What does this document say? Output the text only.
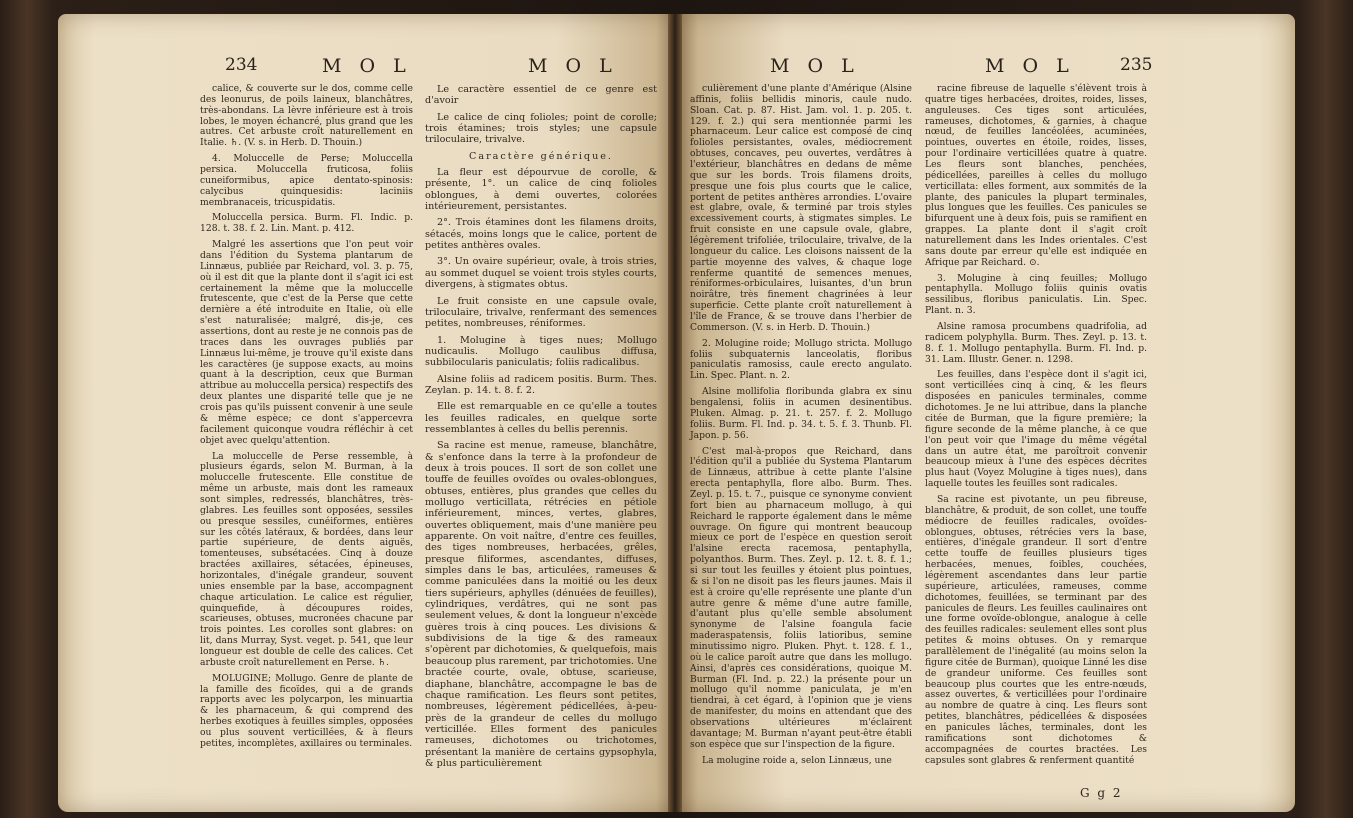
234	M O L	M O L

calice, & couverte sur le dos, comme celle des leonurus, de poils laineux, blanchâtres, très-abondans. La lèvre inférieure est à trois lobes, le moyen échancré, plus grand que les autres. Cet arbuste croît naturellement en Italie. ♄. (V. s. in Herb. D. Thouin.)

4. Moluccelle de Perse; Moluccella persica. Moluccella fruticosa, foliis cuneiformibus, apice dentato-spinosis: calycibus quinquesidis: laciniis membranaceis, tricuspidatis.

Moluccella persica. Burm. Fl. Indic. p. 128. t. 38. f. 2. Lin. Mant. p. 412.

Malgré les assertions que l'on peut voir dans l'édition du Systema plantarum de Linnæus, publiée par Reichard, vol. 3. p. 75, où il est dit que la plante dont il s'agit ici est certainement la même que la moluccelle frutescente, que c'est de la Perse que cette dernière a été introduite en Italie, où elle s'est naturalisée; malgré, dis-je, ces assertions, dont au reste je ne connois pas de traces dans les ouvrages publiés par Linnæus lui-même, je trouve qu'il existe dans les caractères (je suppose exacts, au moins quant à la description, ceux que Burman attribue au moluccella persica) respectifs des deux plantes une disparité telle que je ne crois pas qu'ils puissent convenir à une seule & même espèce; ce dont s'appercevra facilement quiconque voudra réfléchir à cet objet avec quelqu'attention.

La moluccelle de Perse ressemble, à plusieurs égards, selon M. Burman, à la moluccelle frutescente. Elle constitue de même un arbuste, mais dont les rameaux sont simples, redressés, blanchâtres, très-glabres. Les feuilles sont opposées, sessiles ou presque sessiles, cunéiformes, entières sur les côtés latéraux, & bordées, dans leur partie supérieure, de dents aiguës, tomenteuses, subsétacées. Cinq à douze bractées axillaires, sétacées, épineuses, horizontales, d'inégale grandeur, souvent unies ensemble par la base, accompagnent chaque articulation. Le calice est régulier, quinquefide, à découpures roides, scarieuses, obtuses, mucronées chacune par trois pointes. Les corolles sont glabres: on lit, dans Murray, Syst. veget. p. 541, que leur longueur est double de celle des calices. Cet arbuste croît naturellement en Perse. ♄.

MOLUGINE; Mollugo. Genre de plante de la famille des ficoïdes, qui a de grands rapports avec les polycarpon, les minuartia & les pharnaceum, & qui comprend des herbes exotiques à feuilles simples, opposées ou plus souvent verticillées, & à fleurs petites, incomplètes, axillaires ou terminales.

Le caractère essentiel de ce genre est d'avoir

Le calice de cinq folioles; point de corolle; trois étamines; trois styles; une capsule triloculaire, trivalve.

Caractère générique.

La fleur est dépourvue de corolle, & présente, 1°. un calice de cinq folioles oblongues, à demi ouvertes, colorées intérieurement, persistantes.

2°. Trois étamines dont les filamens droits, sétacés, moins longs que le calice, portent de petites anthères ovales.

3°. Un ovaire supérieur, ovale, à trois stries, au sommet duquel se voient trois styles courts, divergens, à stigmates obtus.

Le fruit consiste en une capsule ovale, triloculaire, trivalve, renfermant des semences petites, nombreuses, réniformes.

1. Molugine à tiges nues; Mollugo nudicaulis. Mollugo caulibus diffusa, subbilocularis paniculatis; foliis radicalibus.

Alsine foliis ad radicem positis. Burm. Thes. Zeylan. p. 14. t. 8. f. 2.

Elle est remarquable en ce qu'elle a toutes les feuilles radicales, en quelque sorte ressemblantes à celles du bellis perennis.

Sa racine est menue, rameuse, blanchâtre, & s'enfonce dans la terre à la profondeur de deux à trois pouces. Il sort de son collet une touffe de feuilles ovoïdes ou ovales-oblongues, obtuses, entières, plus grandes que celles du mollugo verticillata, rétrécies en pétiole inférieurement, minces, vertes, glabres, ouvertes obliquement, mais d'une manière peu apparente. On voit naître, d'entre ces feuilles, des tiges nombreuses, herbacées, grêles, presque filiformes, ascendantes, diffuses, simples dans le bas, articulées, rameuses & comme paniculées dans la moitié ou les deux tiers supérieurs, aphylles (dénuées de feuilles), cylindriques, verdâtres, qui ne sont pas seulement velues, & dont la longueur n'excède guères trois à cinq pouces. Les divisions & subdivisions de la tige & des rameaux s'opèrent par dichotomies, & quelquefois, mais beaucoup plus rarement, par trichotomies. Une bractée courte, ovale, obtuse, scarieuse, diaphane, blanchâtre, accompagne le bas de chaque ramification. Les fleurs sont petites, nombreuses, légèrement pédicellées, à-peu-près de la grandeur de celles du mollugo verticillée. Elles forment des panicules rameuses, dichotomes ou trichotomes, présentant la manière de certains gypsophyla, & plus particulièrement

M O L	M O L	235

culièrement d'une plante d'Amérique (Alsine affinis, foliis bellidis minoris, caule nudo. Sloan. Cat. p. 87. Hist. Jam. vol. 1. p. 205. t. 129. f. 2.) qui sera mentionnée parmi les pharnaceum. Leur calice est composé de cinq folioles persistantes, ovales, médiocrement obtuses, concaves, peu ouvertes, verdâtres à l'extérieur, blanchâtres en dedans de même que sur les bords. Trois filamens droits, presque une fois plus courts que le calice, portent de petites anthères arrondies. L'ovaire est glabre, ovale, & terminé par trois styles excessivement courts, à stigmates simples. Le fruit consiste en une capsule ovale, glabre, légèrement trifoliée, triloculaire, trivalve, de la longueur du calice. Les cloisons naissent de la partie moyenne des valves, & chaque loge renferme quantité de semences menues, réniformes-orbiculaires, luisantes, d'un brun noirâtre, très finement chagrinées à leur superficie. Cette plante croît naturellement à l'île de France, & se trouve dans l'herbier de Commerson. (V. s. in Herb. D. Thouin.)

2. Molugine roide; Mollugo stricta. Mollugo foliis subquaternis lanceolatis, floribus paniculatis ramosiss, caule erecto angulato. Lin. Spec. Plant. n. 2.

Alsine mollifolia floribunda glabra ex sinu bengalensi, foliis in acumen desinentibus. Pluken. Almag. p. 21. t. 257. f. 2. Mollugo foliis. Burm. Fl. Ind. p. 34. t. 5. f. 3. Thunb. Fl. Japon. p. 56.

C'est mal-à-propos que Reichard, dans l'édition qu'il a publiée du Systema Plantarum de Linnæus, attribue à cette plante l'alsine erecta pentaphylla, flore albo. Burm. Thes. Zeyl. p. 15. t. 7., puisque ce synonyme convient fort bien au pharnaceum mollugo, à qui Reichard le rapporte également dans le même ouvrage. On figure qui montrent beaucoup mieux ce port de l'espèce en question seroit l'alsine erecta racemosa, pentaphylla, polyanthos. Burm. Thes. Zeyl. p. 12. t. 8. f. 1.; si sur tout les feuilles y étoient plus pointues, & si l'on ne disoit pas les fleurs jaunes. Mais il est à croire qu'elle représente une plante d'un autre genre & même d'une autre famille, d'autant plus qu'elle semble absolument synonyme de l'alsine foangula facie maderaspatensis, foliis latioribus, semine minutissimo nigro. Pluken. Phyt. t. 128. f. 1., où le calice paroît autre que dans les mollugo. Ainsi, d'après ces considérations, quoique M. Burman (Fl. Ind. p. 22.) la présente pour un mollugo qu'il nomme paniculata, je m'en tiendrai, à cet égard, à l'opinion que je viens de manifester, du moins en attendant que des observations ultérieures m'éclairent davantage; M. Burman n'ayant peut-être établi son espèce que sur l'inspection de la figure.

La molugine roide a, selon Linnæus, une

racine fibreuse de laquelle s'élèvent trois à quatre tiges herbacées, droites, roides, lisses, anguleuses. Ces tiges sont articulées, rameuses, dichotomes, & garnies, à chaque nœud, de feuilles lancéolées, acuminées, pointues, ouvertes en étoile, roides, lisses, pour l'ordinaire verticillées quatre à quatre. Les fleurs sont blanches, penchées, pédicellées, pareilles à celles du mollugo verticillata: elles forment, aux sommités de la plante, des panicules la plupart terminales, plus longues que les feuilles. Ces panicules se bifurquent une à deux fois, puis se ramifient en grappes. La plante dont il s'agit croît naturellement dans les Indes orientales. C'est sans doute par erreur qu'elle est indiquée en Afrique par Reichard. ⊙.

3. Molugine à cinq feuilles; Mollugo pentaphylla. Mollugo foliis quinis ovatis sessilibus, floribus paniculatis. Lin. Spec. Plant. n. 3.

Alsine ramosa procumbens quadrifolia, ad radicem polyphylla. Burm. Thes. Zeyl. p. 13. t. 8. f. 1. Mollugo pentaphylla. Burm. Fl. Ind. p. 31. Lam. Illustr. Gener. n. 1298.

Les feuilles, dans l'espèce dont il s'agit ici, sont verticillées cinq à cinq, & les fleurs disposées en panicules terminales, comme dichotomes. Je ne lui attribue, dans la planche citée de Burman, que la figure première; la figure seconde de la même planche, à ce que l'on peut voir que l'image du même végétal dans un autre état, me paroîtroit convenir beaucoup mieux à l'une des espèces décrites plus haut (Voyez Molugine à tiges nues), dans laquelle toutes les feuilles sont radicales.

Sa racine est pivotante, un peu fibreuse, blanchâtre, & produit, de son collet, une touffe médiocre de feuilles radicales, ovoïdes-oblongues, obtuses, rétrécies vers la base, entières, d'inégale grandeur. Il sort d'entre cette touffe de feuilles plusieurs tiges herbacées, menues, foibles, couchées, légèrement ascendantes dans leur partie supérieure, articulées, rameuses, comme dichotomes, feuillées, se terminant par des panicules de fleurs. Les feuilles caulinaires ont une forme ovoïde-oblongue, analogue à celle des feuilles radicales: seulement elles sont plus petites & moins obtuses. On y remarque parallèlement de l'inégalité (au moins selon la figure citée de Burman), quoique Linné les dise de grandeur uniforme. Ces feuilles sont beaucoup plus courtes que les entre-nœuds, assez ouvertes, & verticillées pour l'ordinaire au nombre de quatre à cinq. Les fleurs sont petites, blanchâtres, pédicellées & disposées en panicules lâches, terminales, dont les ramifications sont dichotomes & accompagnées de courtes bractées. Les capsules sont glabres & renferment quantité

G g 2
